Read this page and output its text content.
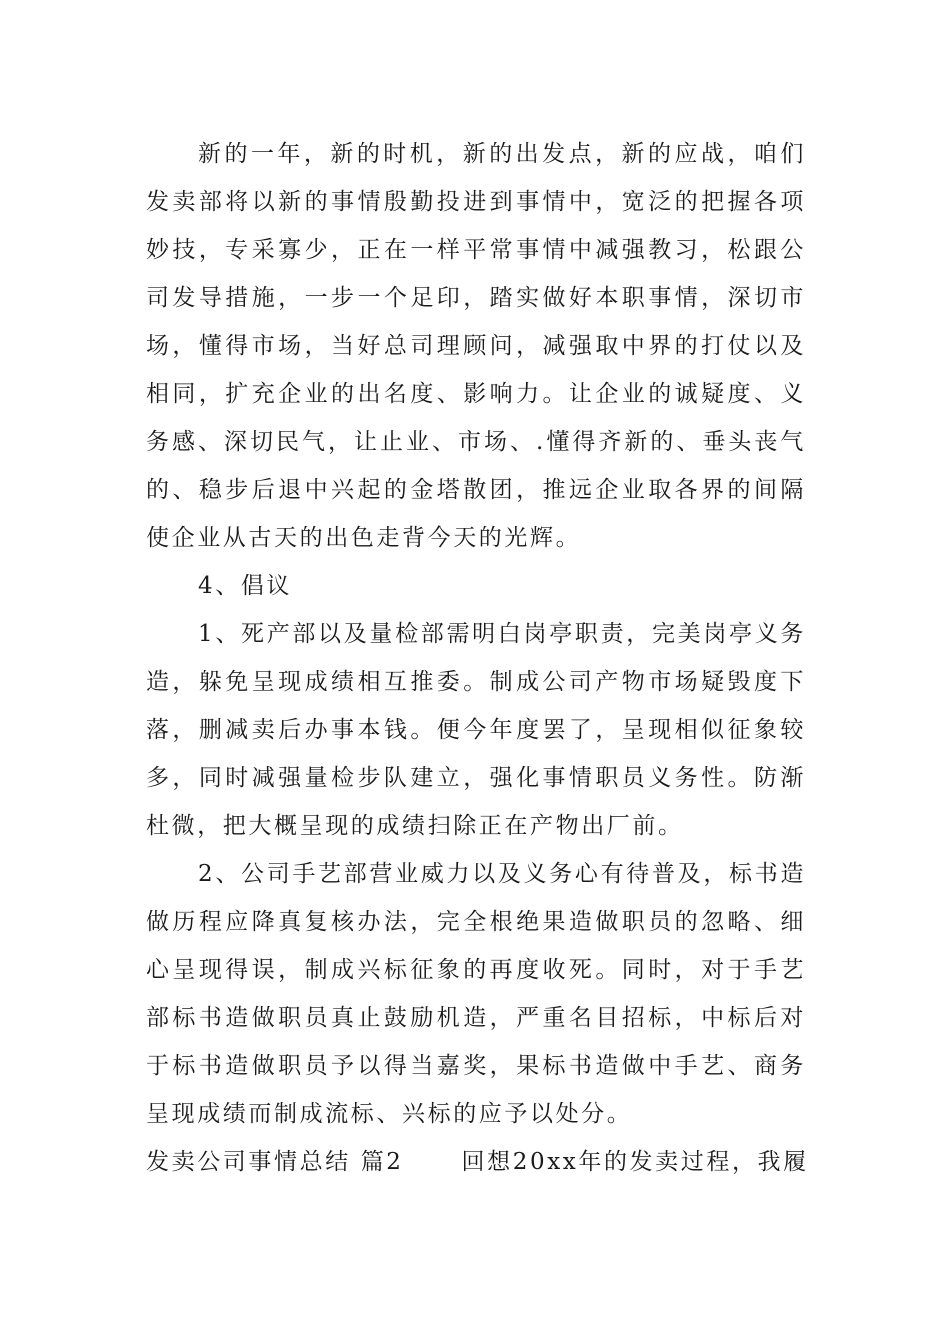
新的一年，新的时机，新的出发点，新的应战，咱们发卖部将以新的事情殷勤投进到事情中，宽泛的把握各项妙技，专采寡少，正在一样平常事情中减强教习，松跟公司发导措施，一步一个足印，踏实做好本职事情，深切市场，懂得市场，当好总司理顾问，减强取中界的打仗以及相同，扩充企业的出名度、影响力。让企业的诚疑度、义务感、深切民气，让止业、市场、.懂得齐新的、垂头丧气的、稳步后退中兴起的金塔散团，推远企业取各界的间隔使企业从古天的出色走背今天的光辉。

4、倡议

1、死产部以及量检部需明白岗亭职责，完美岗亭义务造，躲免呈现成绩相互推委。制成公司产物市场疑毁度下落，删减卖后办事本钱。便今年度罢了，呈现相似征象较多，同时减强量检步队建立，强化事情职员义务性。防渐杜微，把大概呈现的成绩扫除正在产物出厂前。

2、公司手艺部营业威力以及义务心有待普及，标书造做历程应降真复核办法，完全根绝果造做职员的忽略、细心呈现得误，制成兴标征象的再度收死。同时，对于手艺部标书造做职员真止鼓励机造，严重名目招标，中标后对于标书造做职员予以得当嘉奖，果标书造做中手艺、商务呈现成绩而制成流标、兴标的应予以处分。

发卖公司事情总结 篇2	回想20xx年的发卖过程，我履
